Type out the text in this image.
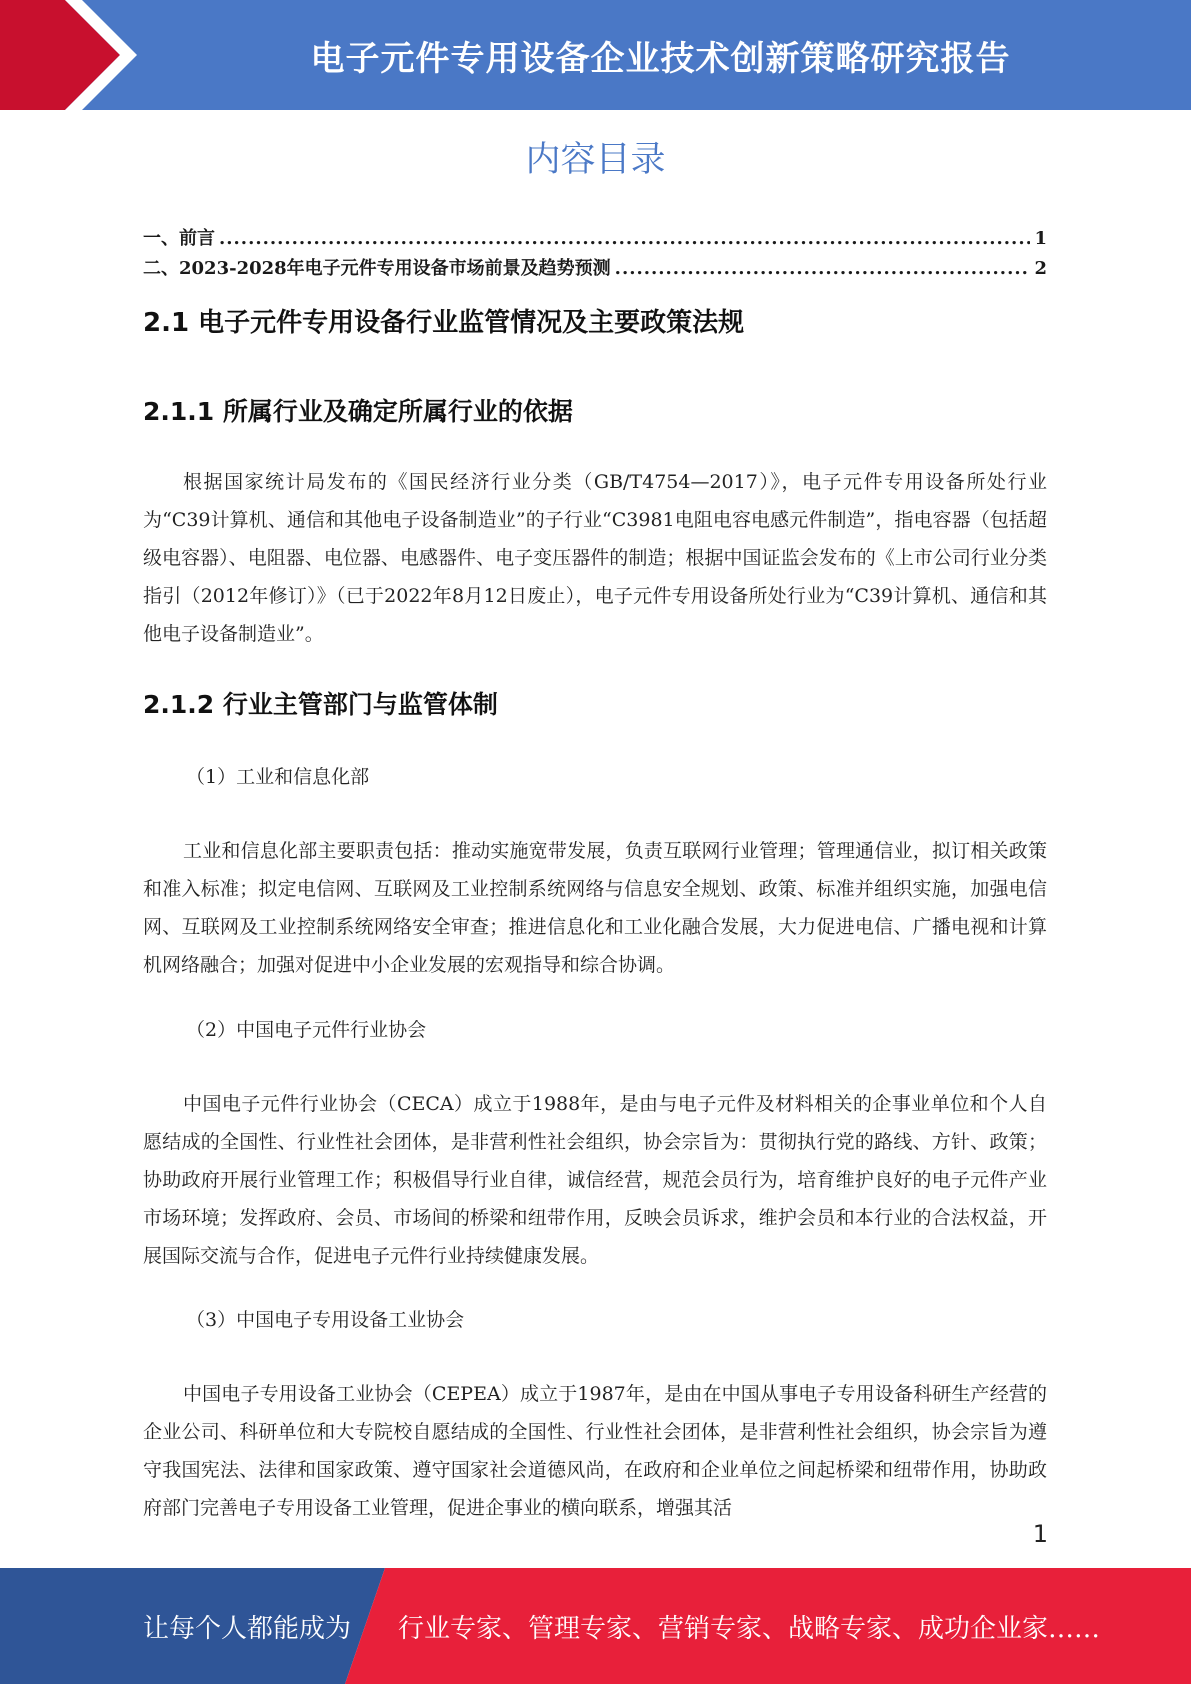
电子元件专用设备企业技术创新策略研究报告
内容目录
一、前言 .....	1
二、2023-2028年电子元件专用设备市场前景及趋势预测 .....	2
2.1 电子元件专用设备行业监管情况及主要政策法规
2.1.1 所属行业及确定所属行业的依据

根据国家统计局发布的《国民经济行业分类（GB/T4754—2017）》，电子元件专用设备所处行业为“C39计算机、通信和其他电子设备制造业”的子行业“C3981电阻电容电感元件制造”，指电容器（包括超级电容器）、电阻器、电位器、电感器件、电子变压器件的制造；根据中国证监会发布的《上市公司行业分类指引（2012年修订）》（已于2022年8月12日废止），电子元件专用设备所处行业为“C39计算机、通信和其他电子设备制造业”。

2.1.2 行业主管部门与监管体制
（1）工业和信息化部

工业和信息化部主要职责包括：推动实施宽带发展，负责互联网行业管理；管理通信业，拟订相关政策和准入标准；拟定电信网、互联网及工业控制系统网络与信息安全规划、政策、标准并组织实施，加强电信网、互联网及工业控制系统网络安全审查；推进信息化和工业化融合发展，大力促进电信、广播电视和计算机网络融合；加强对促进中小企业发展的宏观指导和综合协调。

（2）中国电子元件行业协会

中国电子元件行业协会（CECA）成立于1988年，是由与电子元件及材料相关的企事业单位和个人自愿结成的全国性、行业性社会团体，是非营利性社会组织，协会宗旨为：贯彻执行党的路线、方针、政策；协助政府开展行业管理工作；积极倡导行业自律，诚信经营，规范会员行为，培育维护良好的电子元件产业市场环境；发挥政府、会员、市场间的桥梁和纽带作用，反映会员诉求，维护会员和本行业的合法权益，开展国际交流与合作，促进电子元件行业持续健康发展。

（3）中国电子专用设备工业协会

中国电子专用设备工业协会（CEPEA）成立于1987年，是由在中国从事电子专用设备科研生产经营的企业公司、科研单位和大专院校自愿结成的全国性、行业性社会团体，是非营利性社会组织，协会宗旨为遵守我国宪法、法律和国家政策、遵守国家社会道德风尚，在政府和企业单位之间起桥梁和纽带作用，协助政府部门完善电子专用设备工业管理，促进企事业的横向联系，增强其活

1
让每个人都能成为 行业专家、管理专家、营销专家、战略专家、成功企业家……
